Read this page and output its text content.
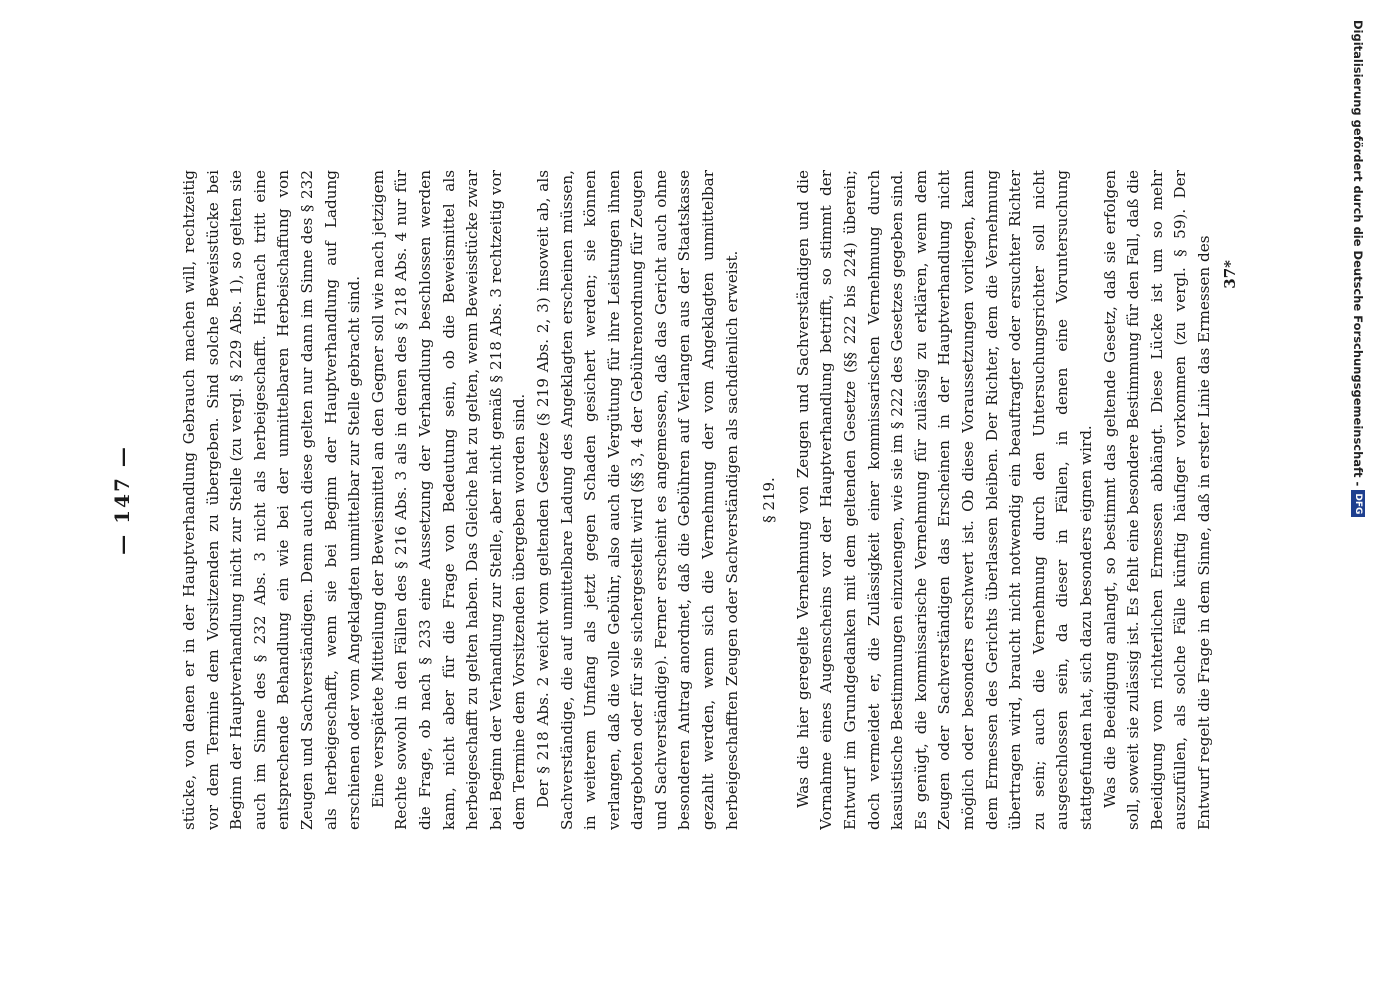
— 147 —	stücke, von denen er in der Hauptverhandlung Gebrauch machen will, rechtzeitig vor dem Termine dem Vorsitzenden zu übergeben. Sind solche Beweisstücke bei Beginn der Hauptverhandlung nicht zur Stelle (zu vergl. § 229 Abs. 1), so gelten sie auch im Sinne des § 232 Abs. 3 nicht als herbeigeschafft. Hiernach tritt eine entsprechende Behandlung ein wie bei der unmittelbaren Herbeischaffung von Zeugen und Sachverständigen. Denn auch diese gelten nur dann im Sinne des § 232 als herbeigeschafft, wenn sie bei Beginn der Hauptverhandlung auf Ladung erschienen oder vom Angeklagten unmittelbar zur Stelle gebracht sind. Eine verspätete Mitteilung der Beweismittel an den Gegner soll wie nach jetzigem Rechte sowohl in den Fällen des § 216 Abs. 3 als in denen des § 218 Abs. 4 nur für die Frage, ob nach § 233 eine Aussetzung der Verhandlung beschlossen werden kann, nicht aber für die Frage von Bedeutung sein, ob die Beweismittel als herbeigeschafft zu gelten haben. Das Gleiche hat zu gelten, wenn Beweisstücke zwar bei Beginn der Verhandlung zur Stelle, aber nicht gemäß § 218 Abs. 3 rechtzeitig vor dem Termine dem Vorsitzenden übergeben worden sind. Der § 218 Abs. 2 weicht vom geltenden Gesetze (§ 219 Abs. 2, 3) insoweit ab, als Sachverständige, die auf unmittelbare Ladung des Angeklagten erscheinen müssen, in weiterem Umfang als jetzt gegen Schaden gesichert werden; sie können verlangen, daß die volle Gebühr, also auch die Vergütung für ihre Leistungen ihnen dargeboten oder für sie sichergestellt wird (§§ 3, 4 der Gebührenordnung für Zeugen und Sachverständige). Ferner erscheint es angemessen, daß das Gericht auch ohne besonderen Antrag anordnet, daß die Gebühren auf Verlangen aus der Staatskasse gezahlt werden, wenn sich die Vernehmung der vom Angeklagten unmittelbar herbeigeschafften Zeugen oder Sachverständigen als sachdienlich erweist. § 219. Was die hier geregelte Vernehmung von Zeugen und Sachverständigen und die Vornahme eines Augenscheins vor der Hauptverhandlung betrifft, so stimmt der Entwurf im Grundgedanken mit dem geltenden Gesetze (§§ 222 bis 224) überein; doch vermeidet er, die Zulässigkeit einer kommissarischen Vernehmung durch kasuistische Bestimmungen einzuengen, wie sie im § 222 des Gesetzes gegeben sind. Es genügt, die kommissarische Vernehmung für zulässig zu erklären, wenn dem Zeugen oder Sachverständigen das Erscheinen in der Hauptverhandlung nicht möglich oder besonders erschwert ist. Ob diese Voraussetzungen vorliegen, kann dem Ermessen des Gerichts überlassen bleiben. Der Richter, dem die Vernehmung übertragen wird, braucht nicht notwendig ein beauftragter oder ersuchter Richter zu sein; auch die Vernehmung durch den Untersuchungsrichter soll nicht ausgeschlossen sein, da dieser in Fällen, in denen eine Voruntersuchung stattgefunden hat, sich dazu besonders eignen wird. Was die Beeidigung anlangt, so bestimmt das geltende Gesetz, daß sie erfolgen soll, soweit sie zulässig ist. Es fehlt eine besondere Bestimmung für den Fall, daß die Beeidigung vom richterlichen Ermessen abhängt. Diese Lücke ist um so mehr auszufüllen, als solche Fälle künftig häufiger vorkommen (zu vergl. § 59). Der Entwurf regelt die Frage in dem Sinne, daß in erster Linie das Ermessen des 37*	Digitalisierung gefördert durch die Deutsche Forschungsgemeinschaft -
DFG
